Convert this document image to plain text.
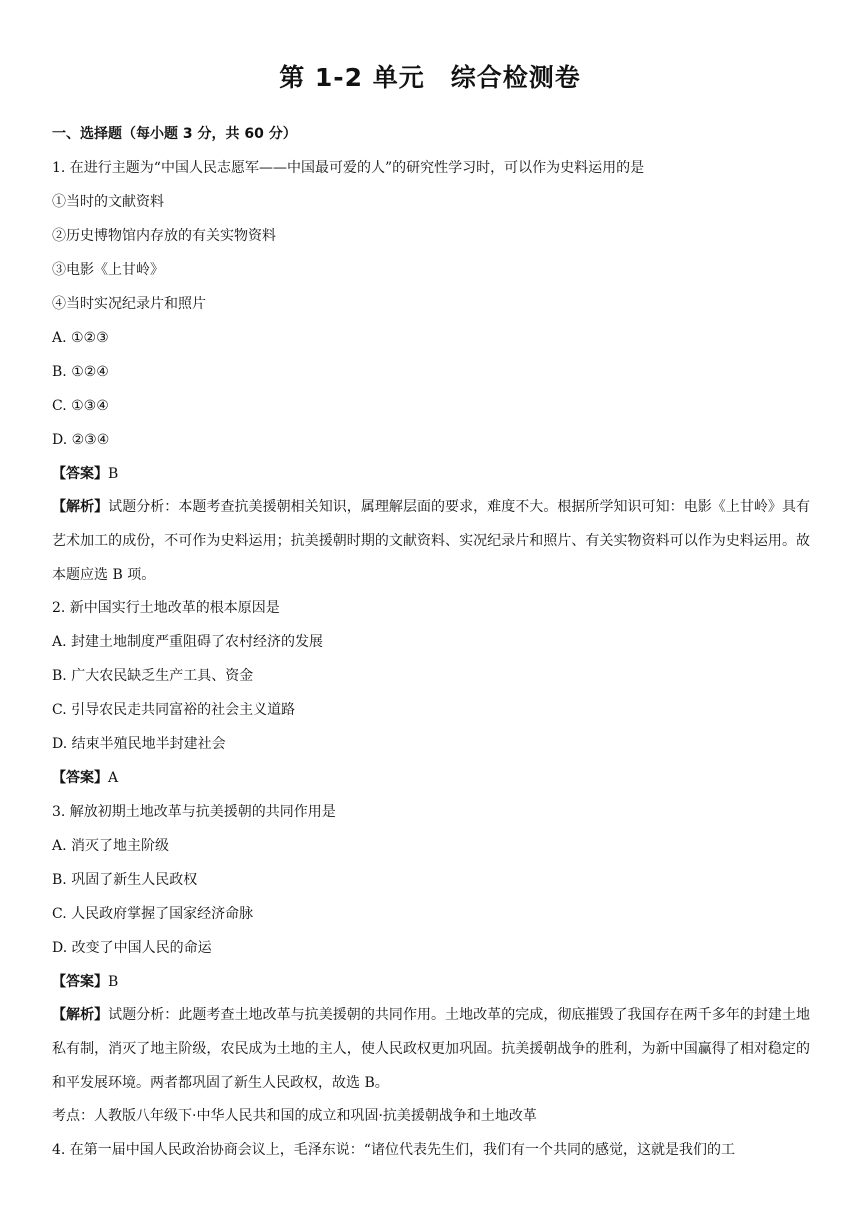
第 1-2 单元　综合检测卷
一、选择题（每小题 3 分，共 60 分）
1. 在进行主题为“中国人民志愿军——中国最可爱的人”的研究性学习时，可以作为史料运用的是
①当时的文献资料
②历史博物馆内存放的有关实物资料
③电影《上甘岭》
④当时实况纪录片和照片
A. ①②③
B. ①②④
C. ①③④
D. ②③④
【答案】B
【解析】试题分析：本题考查抗美援朝相关知识，属理解层面的要求，难度不大。根据所学知识可知：电影《上甘岭》具有艺术加工的成份，不可作为史料运用；抗美援朝时期的文献资料、实况纪录片和照片、有关实物资料可以作为史料运用。故本题应选 B 项。
2. 新中国实行土地改革的根本原因是
A. 封建土地制度严重阻碍了农村经济的发展
B. 广大农民缺乏生产工具、资金
C. 引导农民走共同富裕的社会主义道路
D. 结束半殖民地半封建社会
【答案】A
3. 解放初期土地改革与抗美援朝的共同作用是
A. 消灭了地主阶级
B. 巩固了新生人民政权
C. 人民政府掌握了国家经济命脉
D. 改变了中国人民的命运
【答案】B
【解析】试题分析：此题考查土地改革与抗美援朝的共同作用。土地改革的完成，彻底摧毁了我国存在两千多年的封建土地私有制，消灭了地主阶级，农民成为土地的主人，使人民政权更加巩固。抗美援朝战争的胜利，为新中国赢得了相对稳定的和平发展环境。两者都巩固了新生人民政权，故选 B。
考点：人教版八年级下·中华人民共和国的成立和巩固·抗美援朝战争和土地改革
4. 在第一届中国人民政治协商会议上，毛泽东说：“诸位代表先生们，我们有一个共同的感觉，这就是我们的工
